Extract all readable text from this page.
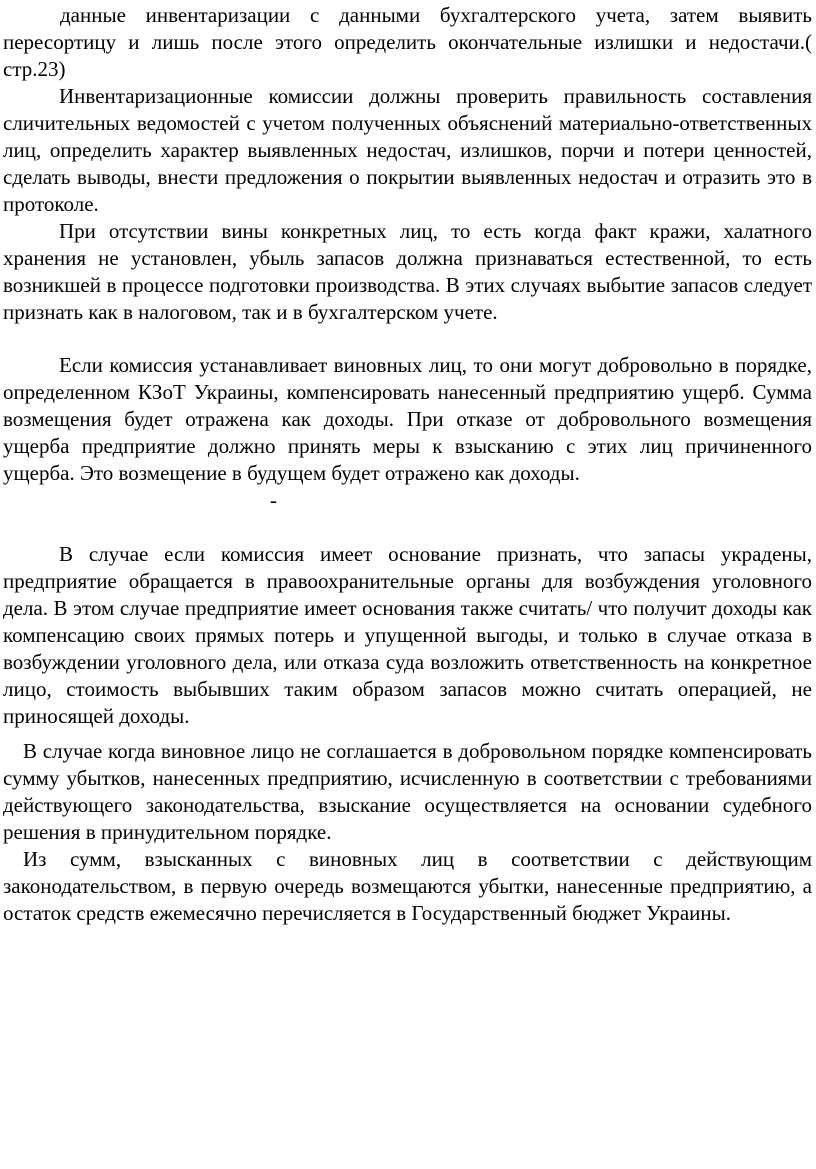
данные инвентаризации с данными бухгалтерского учета, затем выявить пересортицу и лишь после этого определить окончательные излишки и недостачи.( стр.23)

Инвентаризационные комиссии должны проверить правильность составления сличительных ведомостей с учетом полученных объяснений материально-ответственных лиц, определить характер выявленных недостач, излишков, порчи и потери ценностей, сделать выводы, внести предложения о покрытии выявленных недостач и отразить это в протоколе.

При отсутствии вины конкретных лиц, то есть когда факт кражи, халатного хранения не установлен, убыль запасов должна признаваться естественной, то есть возникшей в процессе подготовки производства. В этих случаях выбытие запасов следует признать как в налоговом, так и в бухгалтерском учете.

Если комиссия устанавливает виновных лиц, то они могут добровольно в порядке, определенном КЗоТ Украины, компенсировать нанесенный предприятию ущерб. Сумма возмещения будет отражена как доходы. При отказе от добровольного возмещения ущерба предприятие должно принять меры к взысканию с этих лиц причиненного ущерба. Это возмещение в будущем будет отражено как доходы.

-

В случае если комиссия имеет основание признать, что запасы украдены, предприятие обращается в правоохранительные органы для возбуждения уголовного дела. В этом случае предприятие имеет основания также считать/ что получит доходы как компенсацию своих прямых потерь и упущенной выгоды, и только в случае отказа в возбуждении уголовного дела, или отказа суда возложить ответственность на конкретное лицо, стоимость выбывших таким образом запасов можно считать операцией, не приносящей доходы.

В случае когда виновное лицо не соглашается в добровольном порядке компенсировать сумму убытков, нанесенных предприятию, исчисленную в соответствии с требованиями действующего законодательства, взыскание осуществляется на основании судебного решения в принудительном порядке.

Из сумм, взысканных с виновных лиц в соответствии с действующим законодательством, в первую очередь возмещаются убытки, нанесенные предприятию, а остаток средств ежемесячно перечисляется в Государственный бюджет Украины.
